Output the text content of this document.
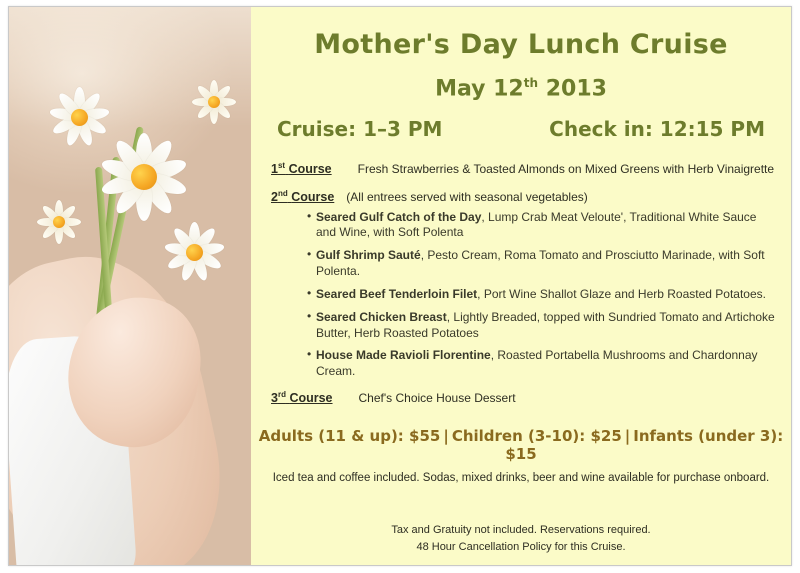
Mother's Day Lunch Cruise
May 12th 2013
Cruise: 1–3 PM	Check in: 12:15 PM
1st Course Fresh Strawberries & Toasted Almonds on Mixed Greens with Herb Vinaigrette
2nd Course (All entrees served with seasonal vegetables)
• Seared Gulf Catch of the Day, Lump Crab Meat Veloute', Traditional White Sauce and Wine, with Soft Polenta
• Gulf Shrimp Sauté, Pesto Cream, Roma Tomato and Prosciutto Marinade, with Soft Polenta.
• Seared Beef Tenderloin Filet, Port Wine Shallot Glaze and Herb Roasted Potatoes.
• Seared Chicken Breast, Lightly Breaded, topped with Sundried Tomato and Artichoke Butter, Herb Roasted Potatoes
• House Made Ravioli Florentine, Roasted Portabella Mushrooms and Chardonnay Cream.
3rd Course Chef's Choice House Dessert
Adults (11 & up): $55 | Children (3-10): $25 | Infants (under 3): $15
Iced tea and coffee included. Sodas, mixed drinks, beer and wine available for purchase onboard.
Tax and Gratuity not included. Reservations required.
48 Hour Cancellation Policy for this Cruise.
